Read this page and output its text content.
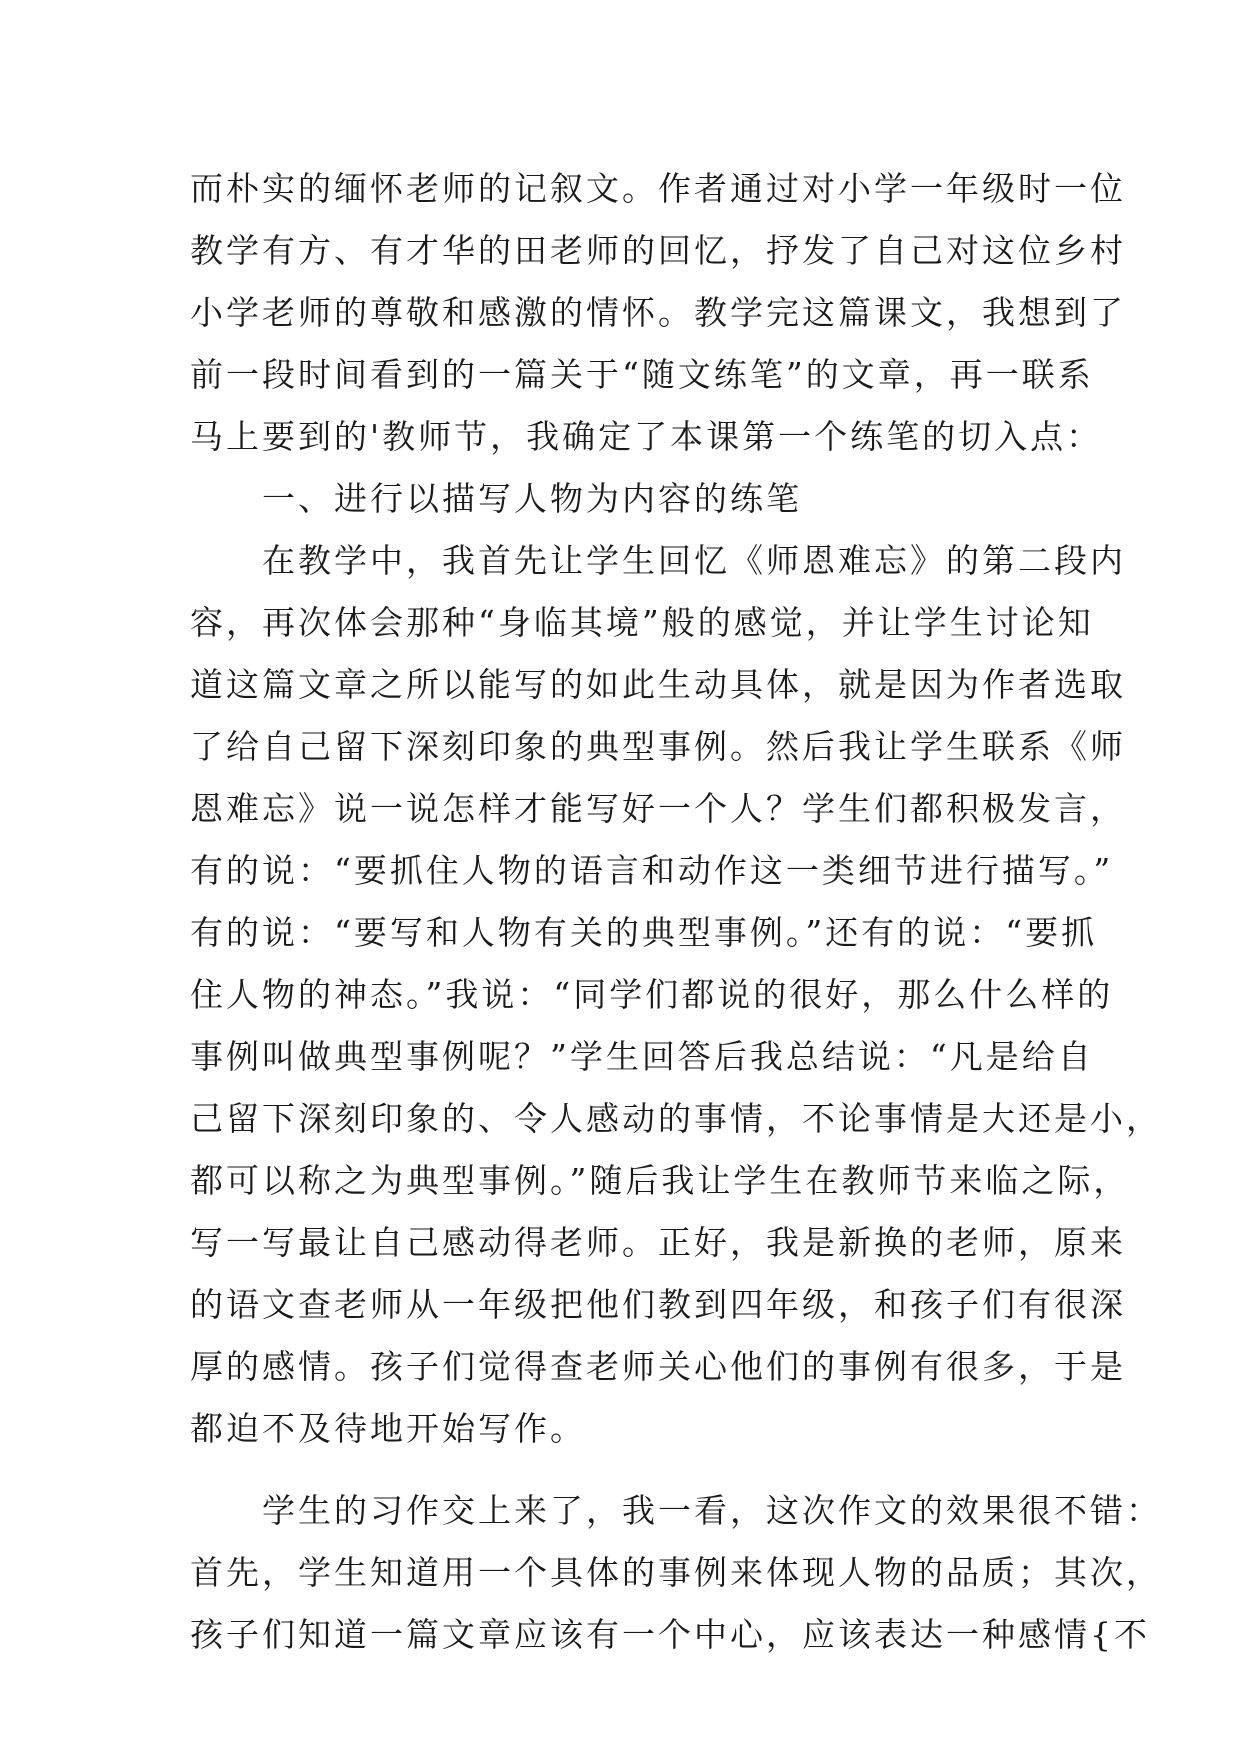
而朴实的缅怀老师的记叙文。作者通过对小学一年级时一位
教学有方、有才华的田老师的回忆，抒发了自己对这位乡村
小学老师的尊敬和感激的情怀。教学完这篇课文，我想到了
前一段时间看到的一篇关于“随文练笔”的文章，再一联系
马上要到的'教师节，我确定了本课第一个练笔的切入点：
　　一、进行以描写人物为内容的练笔
　　在教学中，我首先让学生回忆《师恩难忘》的第二段内
容，再次体会那种“身临其境”般的感觉，并让学生讨论知
道这篇文章之所以能写的如此生动具体，就是因为作者选取
了给自己留下深刻印象的典型事例。然后我让学生联系《师
恩难忘》说一说怎样才能写好一个人？学生们都积极发言，
有的说：“要抓住人物的语言和动作这一类细节进行描写。”
有的说：“要写和人物有关的典型事例。”还有的说：“要抓
住人物的神态。”我说：“同学们都说的很好，那么什么样的
事例叫做典型事例呢？”学生回答后我总结说：“凡是给自
己留下深刻印象的、令人感动的事情，不论事情是大还是小，
都可以称之为典型事例。”随后我让学生在教师节来临之际，
写一写最让自己感动得老师。正好，我是新换的老师，原来
的语文查老师从一年级把他们教到四年级，和孩子们有很深
厚的感情。孩子们觉得查老师关心他们的事例有很多，于是
都迫不及待地开始写作。
　　学生的习作交上来了，我一看，这次作文的效果很不错：
首先，学生知道用一个具体的事例来体现人物的品质；其次，
孩子们知道一篇文章应该有一个中心，应该表达一种感情{不
